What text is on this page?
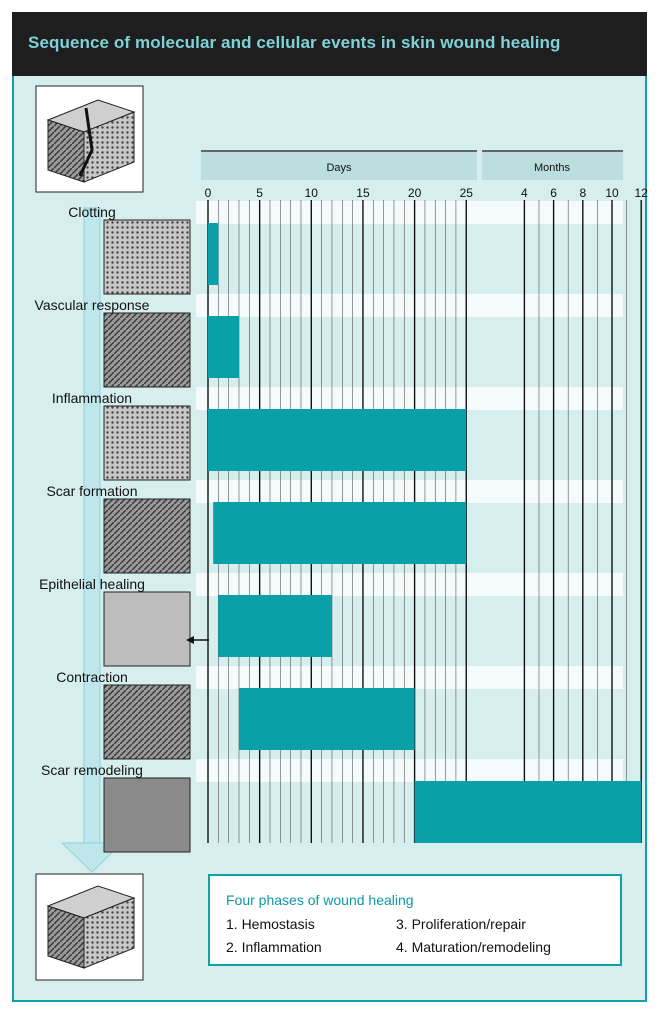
Sequence of molecular and cellular events in skin wound healing
Days	Months
0	5	10	15	20	25	4 6 8 10 12
Clotting
Vascular response
Inflammation
Scar formation
Epithelial healing
Contraction
Scar remodeling
Four phases of wound healing
1. Hemostasis	3. Proliferation/repair
2. Inflammation	4. Maturation/remodeling
